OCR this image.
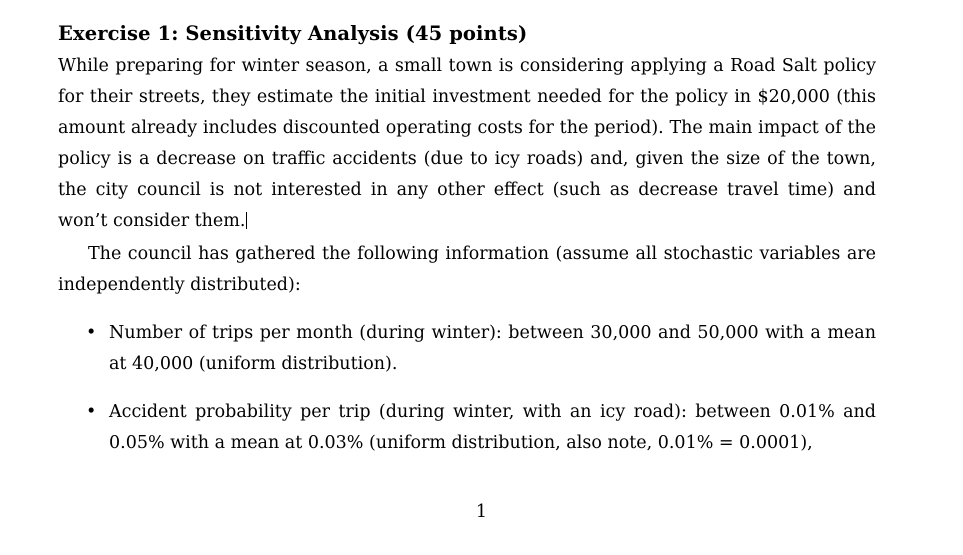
Exercise 1: Sensitivity Analysis (45 points)
While preparing for winter season, a small town is considering applying a Road Salt policy for their streets, they estimate the initial investment needed for the policy in $20,000 (this amount already includes discounted operating costs for the period). The main impact of the policy is a decrease on traffic accidents (due to icy roads) and, given the size of the town, the city council is not interested in any other effect (such as decrease travel time) and won’t consider them.
The council has gathered the following information (assume all stochastic variables are independently distributed):
• Number of trips per month (during winter): between 30,000 and 50,000 with a mean at 40,000 (uniform distribution).
• Accident probability per trip (during winter, with an icy road): between 0.01% and 0.05% with a mean at 0.03% (uniform distribution, also note, 0.01% = 0.0001),
1
